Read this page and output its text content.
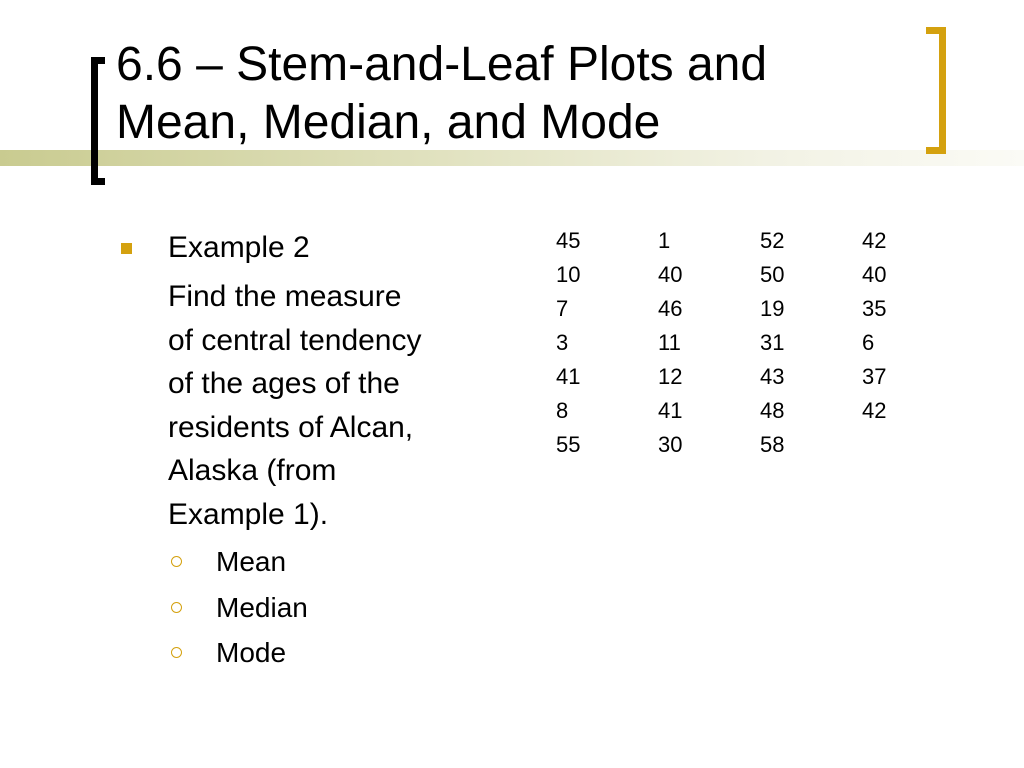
6.6 – Stem-and-Leaf Plots and
Mean, Median, and Mode
Example 2
Find the measure
of central tendency
of the ages of the
residents of Alcan,
Alaska (from
Example 1).
Mean
Median
Mode
45	1	52	42
10	40	50	40
7	46	19	35
3	11	31	6
41	12	43	37
8	41	48	42
55	30	58	
